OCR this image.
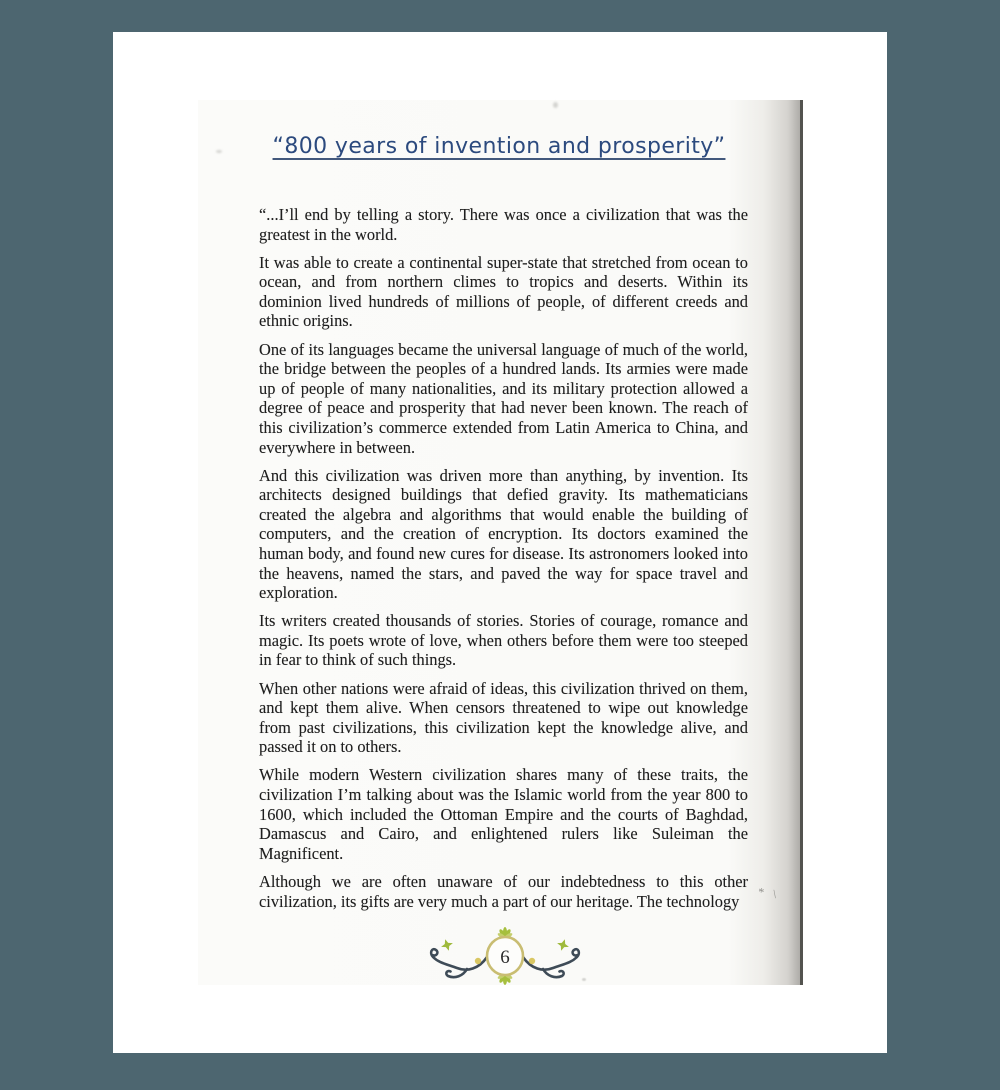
“800 years of invention and prosperity”

“...I’ll end by telling a story. There was once a civilization that was the greatest in the world.

It was able to create a continental super-state that stretched from ocean to ocean, and from northern climes to tropics and deserts. Within its dominion lived hundreds of millions of people, of different creeds and ethnic origins.

One of its languages became the universal language of much of the world, the bridge between the peoples of a hundred lands. Its armies were made up of people of many nationalities, and its military protection allowed a degree of peace and prosperity that had never been known. The reach of this civilization’s commerce extended from Latin America to China, and everywhere in between.

And this civilization was driven more than anything, by invention. Its architects designed buildings that defied gravity. Its mathematicians created the algebra and algorithms that would enable the building of computers, and the creation of encryption. Its doctors examined the human body, and found new cures for disease. Its astronomers looked into the heavens, named the stars, and paved the way for space travel and exploration.

Its writers created thousands of stories. Stories of courage, romance and magic. Its poets wrote of love, when others before them were too steeped in fear to think of such things.

When other nations were afraid of ideas, this civilization thrived on them, and kept them alive. When censors threatened to wipe out knowledge from past civilizations, this civilization kept the knowledge alive, and passed it on to others.

While modern Western civilization shares many of these traits, the civilization I’m talking about was the Islamic world from the year 800 to 1600, which included the Ottoman Empire and the courts of Baghdad, Damascus and Cairo, and enlightened rulers like Suleiman the Magnificent.

Although we are often unaware of our indebtedness to this other civilization, its gifts are very much a part of our heritage. The technology	* \
6
